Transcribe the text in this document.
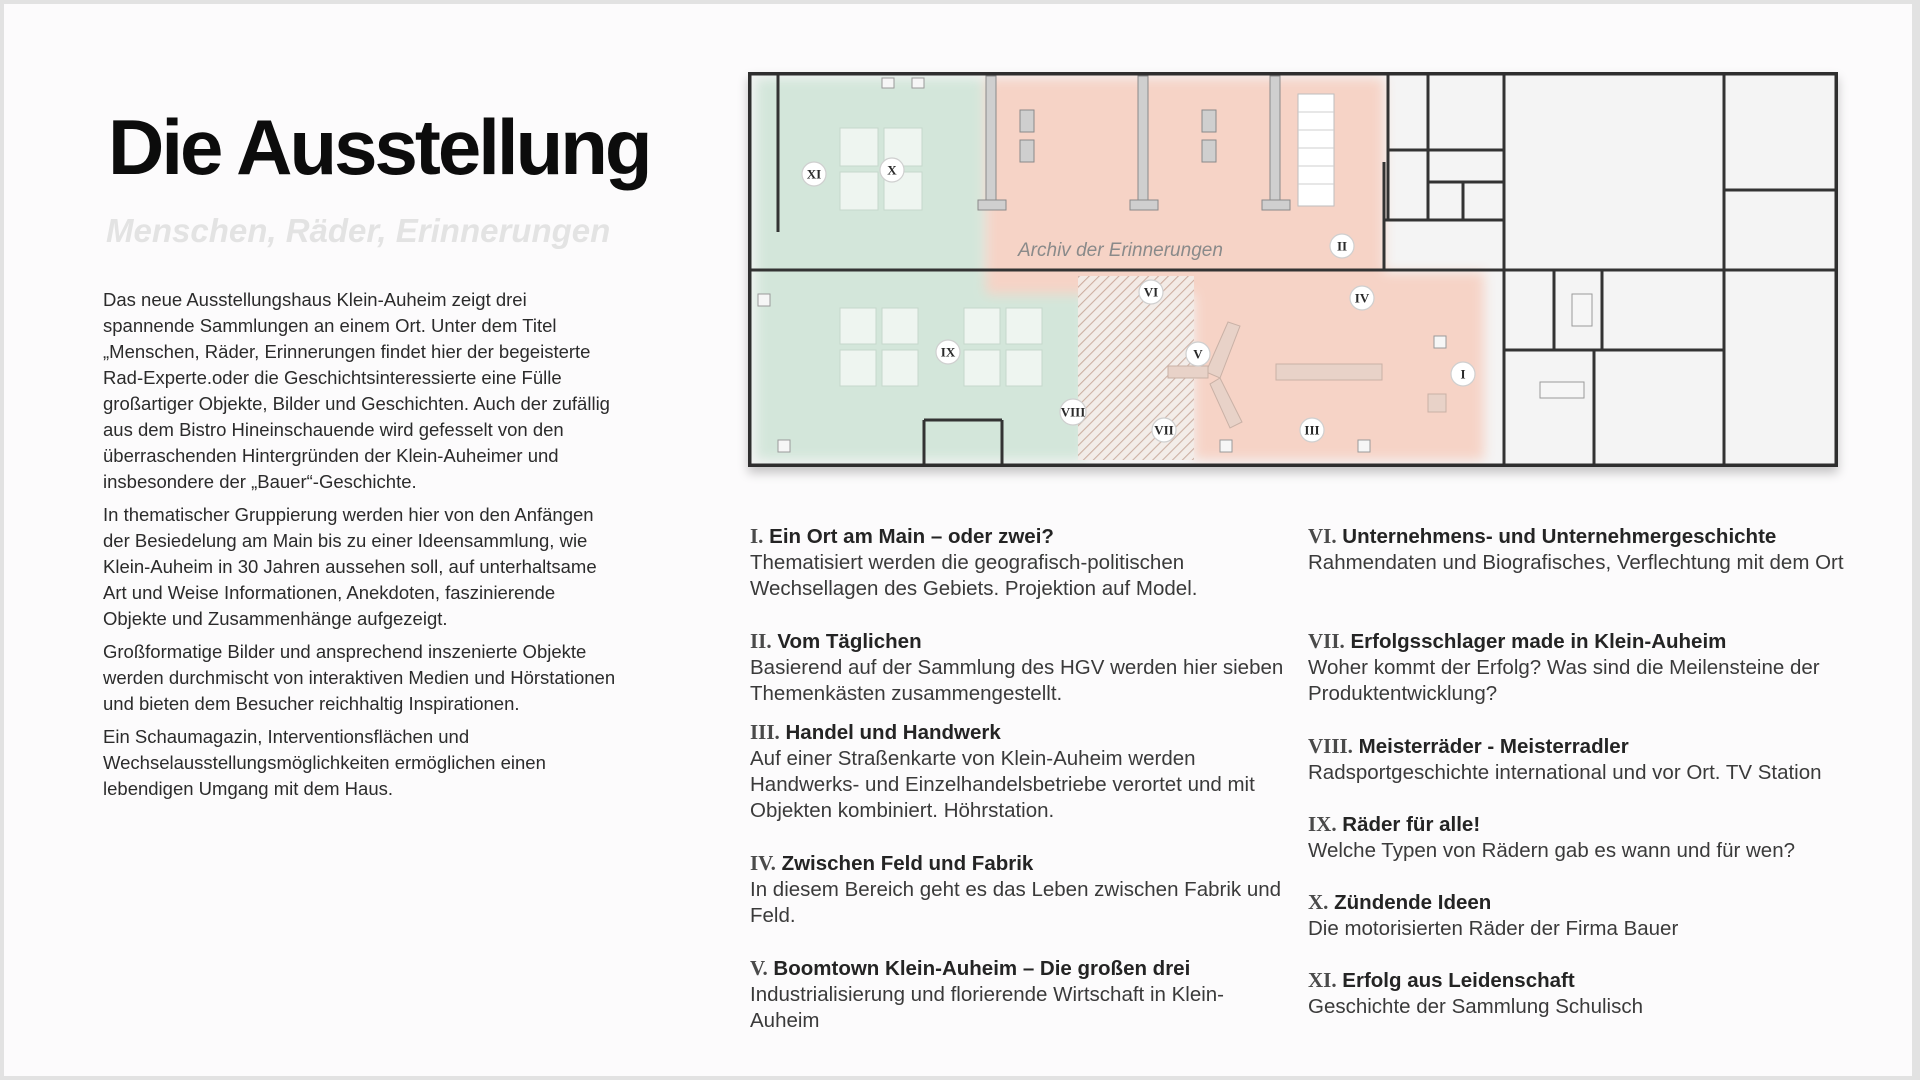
Die Ausstellung
Menschen, Räder, Erinnerungen

Das neue Ausstellungshaus Klein-Auheim zeigt drei spannende Sammlungen an einem Ort. Unter dem Titel „Menschen, Räder, Erinnerungen findet hier der begeisterte Rad-Experte.oder die Geschichtsinteressierte eine Fülle großartiger Objekte, Bilder und Geschichten. Auch der zufällig aus dem Bistro Hineinschauende wird gefesselt von den überraschenden Hintergründen der Klein-Auheimer und insbesondere der „Bauer“-Geschichte.

In thematischer Gruppierung werden hier von den Anfängen der Besiedelung am Main bis zu einer Ideensammlung, wie Klein-Auheim in 30 Jahren aussehen soll, auf unterhaltsame Art und Weise Informationen, Anekdoten, faszinierende Objekte und Zusammenhänge aufgezeigt.

Großformatige Bilder und ansprechend inszenierte Objekte werden durchmischt von interaktiven Medien und Hörstationen und bieten dem Besucher reichhaltig Inspirationen.

Ein Schaumagazin, Interventionsflächen und Wechselausstellungsmöglichkeiten ermöglichen einen lebendigen Umgang mit dem Haus.

Archiv der Erinnerungen
I
II
III
IV
V
VI
VII
VIII
IX
X
XI
I. Ein Ort am Main – oder zwei?
Thematisiert werden die geografisch-politischen Wechsellagen des Gebiets. Projektion auf Model.
II. Vom Täglichen
Basierend auf der Sammlung des HGV werden hier sieben Themenkästen zusammengestellt.
III. Handel und Handwerk
Auf einer Straßenkarte von Klein-Auheim werden Handwerks- und Einzelhandelsbetriebe verortet und mit Objekten kombiniert. Höhrstation.
IV. Zwischen Feld und Fabrik
In diesem Bereich geht es das Leben zwischen Fabrik und Feld.
V. Boomtown Klein-Auheim – Die großen drei
Industrialisierung und florierende Wirtschaft in Klein-Auheim
VI. Unternehmens- und Unternehmergeschichte
Rahmendaten und Biografisches, Verflechtung mit dem Ort
VII. Erfolgsschlager made in Klein-Auheim
Woher kommt der Erfolg? Was sind die Meilensteine der Produktentwicklung?
VIII. Meisterräder - Meisterradler
Radsportgeschichte international und vor Ort. TV Station
IX. Räder für alle!
Welche Typen von Rädern gab es wann und für wen?
X. Zündende Ideen
Die motorisierten Räder der Firma Bauer
XI. Erfolg aus Leidenschaft
Geschichte der Sammlung Schulisch
